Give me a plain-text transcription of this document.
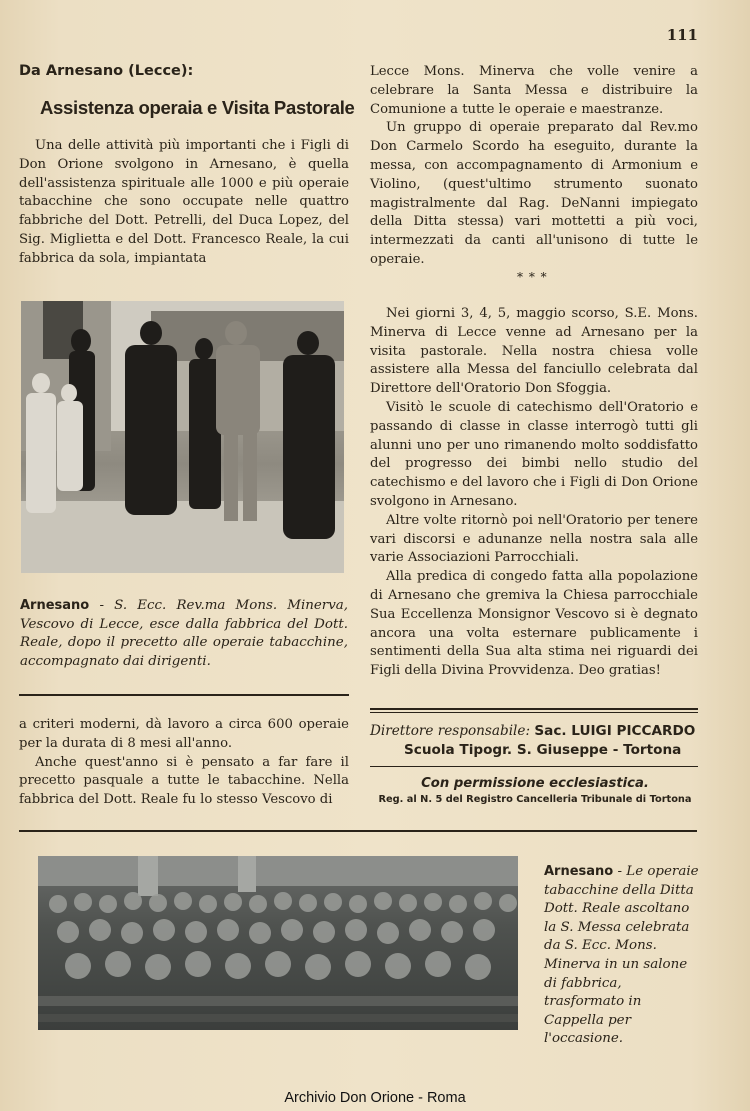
111
Da Arnesano (Lecce):
Assistenza operaia e Visita Pastorale

Una delle attività più importanti che i Figli di Don Orione svolgono in Arnesano, è quella dell'assistenza spirituale alle 1000 e più operaie tabacchine che sono occupate nelle quattro fabbriche del Dott. Petrelli, del Duca Lopez, del Sig. Miglietta e del Dott. Francesco Reale, la cui fabbrica da sola, impiantata

Arnesano - S. Ecc. Rev.ma Mons. Minerva, Vescovo di Lecce, esce dalla fabbrica del Dott. Reale, dopo il precetto alle operaie tabacchine, accompagnato dai dirigenti.

a criteri moderni, dà lavoro a circa 600 operaie per la durata di 8 mesi all'anno.

Anche quest'anno si è pensato a far fare il precetto pasquale a tutte le tabacchine. Nella fabbrica del Dott. Reale fu lo stesso Vescovo di

Lecce Mons. Minerva che volle venire a celebrare la Santa Messa e distribuire la Comunione a tutte le operaie e maestranze.

Un gruppo di operaie preparato dal Rev.mo Don Carmelo Scordo ha eseguito, durante la messa, con accompagnamento di Armonium e Violino, (quest'ultimo strumento suonato magistralmente dal Rag. DeNanni impiegato della Ditta stessa) vari mottetti a più voci, intermezzati da canti all'unisono di tutte le operaie.

* * *

Nei giorni 3, 4, 5, maggio scorso, S.E. Mons. Minerva di Lecce venne ad Arnesano per la visita pastorale. Nella nostra chiesa volle assistere alla Messa del fanciullo celebrata dal Direttore dell'Oratorio Don Sfoggia.

Visitò le scuole di catechismo dell'Oratorio e passando di classe in classe interrogò tutti gli alunni uno per uno rimanendo molto soddisfatto del progresso dei bimbi nello studio del catechismo e del lavoro che i Figli di Don Orione svolgono in Arnesano.

Altre volte ritornò poi nell'Oratorio per tenere vari discorsi e adunanze nella nostra sala alle varie Associazioni Parrocchiali.

Alla predica di congedo fatta alla popolazione di Arnesano che gremiva la Chiesa parrocchiale Sua Eccellenza Monsignor Vescovo si è degnato ancora una volta esternare publicamente i sentimenti della Sua alta stima nei riguardi dei Figli della Divina Provvidenza. Deo gratias!

Direttore responsabile: Sac. LUIGI PICCARDO
Scuola Tipogr. S. Giuseppe - Tortona
Con permissione ecclesiastica.
Reg. al N. 5 del Registro Cancelleria Tribunale di Tortona
Arnesano - Le operaie tabacchine della Ditta Dott. Reale ascoltano la S. Messa celebrata da S. Ecc. Mons. Minerva in un salone di fabbrica, trasformato in Cappella per l'occasione.
Archivio Don Orione - Roma
